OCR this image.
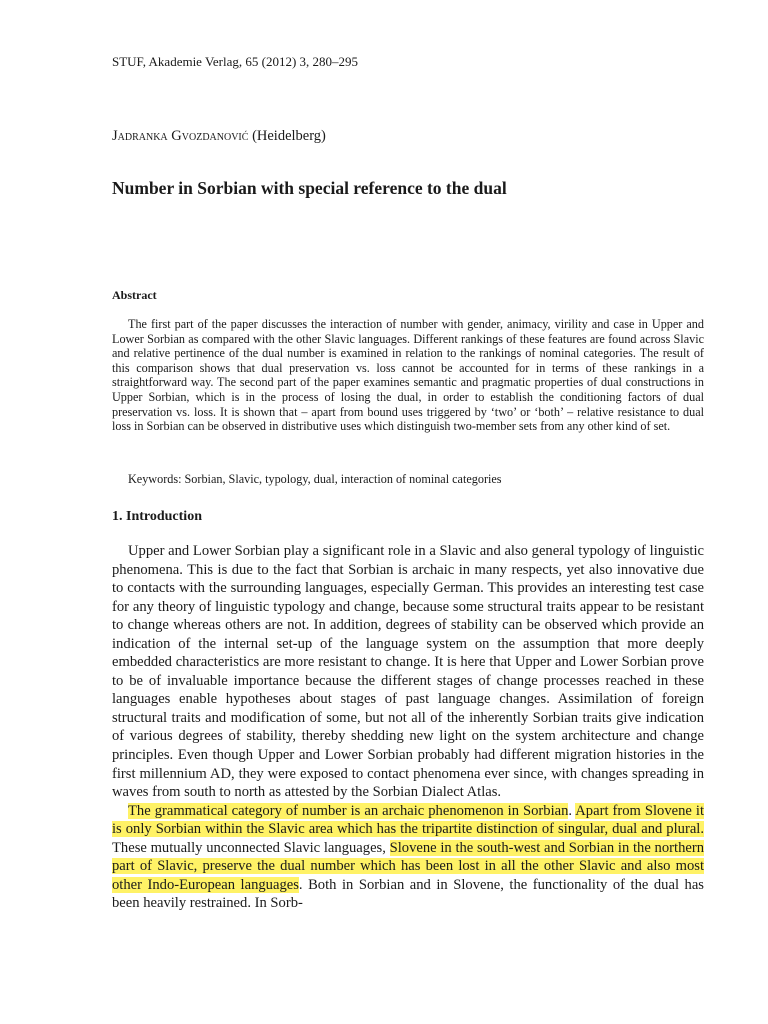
STUF, Akademie Verlag, 65 (2012) 3, 280–295
Jadranka Gvozdanović (Heidelberg)
Number in Sorbian with special reference to the dual
Abstract

The first part of the paper discusses the interaction of number with gender, animacy, virility and case in Upper and Lower Sorbian as compared with the other Slavic languages. Different rankings of these features are found across Slavic and relative pertinence of the dual number is examined in relation to the rankings of nominal categories. The result of this comparison shows that dual preservation vs. loss cannot be accounted for in terms of these rankings in a straightforward way. The second part of the paper examines semantic and pragmatic properties of dual constructions in Upper Sorbian, which is in the process of losing the dual, in order to establish the conditioning factors of dual preservation vs. loss. It is shown that – apart from bound uses triggered by ‘two’ or ‘both’ – relative resistance to dual loss in Sorbian can be observed in distributive uses which distinguish two-member sets from any other kind of set.

Keywords: Sorbian, Slavic, typology, dual, interaction of nominal categories
1. Introduction

Upper and Lower Sorbian play a significant role in a Slavic and also general typology of linguistic phenomena. This is due to the fact that Sorbian is archaic in many respects, yet also innovative due to contacts with the surrounding languages, especially German. This provides an interesting test case for any theory of linguistic typology and change, because some structural traits appear to be resistant to change whereas others are not. In addition, degrees of stability can be observed which provide an indication of the internal set-up of the language system on the assumption that more deeply embedded characteristics are more resistant to change. It is here that Upper and Lower Sorbian prove to be of invaluable importance because the different stages of change processes reached in these languages enable hypotheses about stages of past language changes. Assimilation of foreign structural traits and modification of some, but not all of the inherently Sorbian traits give indication of various degrees of stability, thereby shedding new light on the system architecture and change principles. Even though Upper and Lower Sorbian probably had different migration histories in the first millennium AD, they were exposed to contact phenomena ever since, with changes spreading in waves from south to north as attested by the Sorbian Dialect Atlas.

The grammatical category of number is an archaic phenomenon in Sorbian. Apart from Slovene it is only Sorbian within the Slavic area which has the tripartite distinction of singular, dual and plural. These mutually unconnected Slavic languages, Slovene in the south-west and Sorbian in the northern part of Slavic, preserve the dual number which has been lost in all the other Slavic and also most other Indo-European languages. Both in Sorbian and in Slovene, the functionality of the dual has been heavily restrained. In Sorb-
